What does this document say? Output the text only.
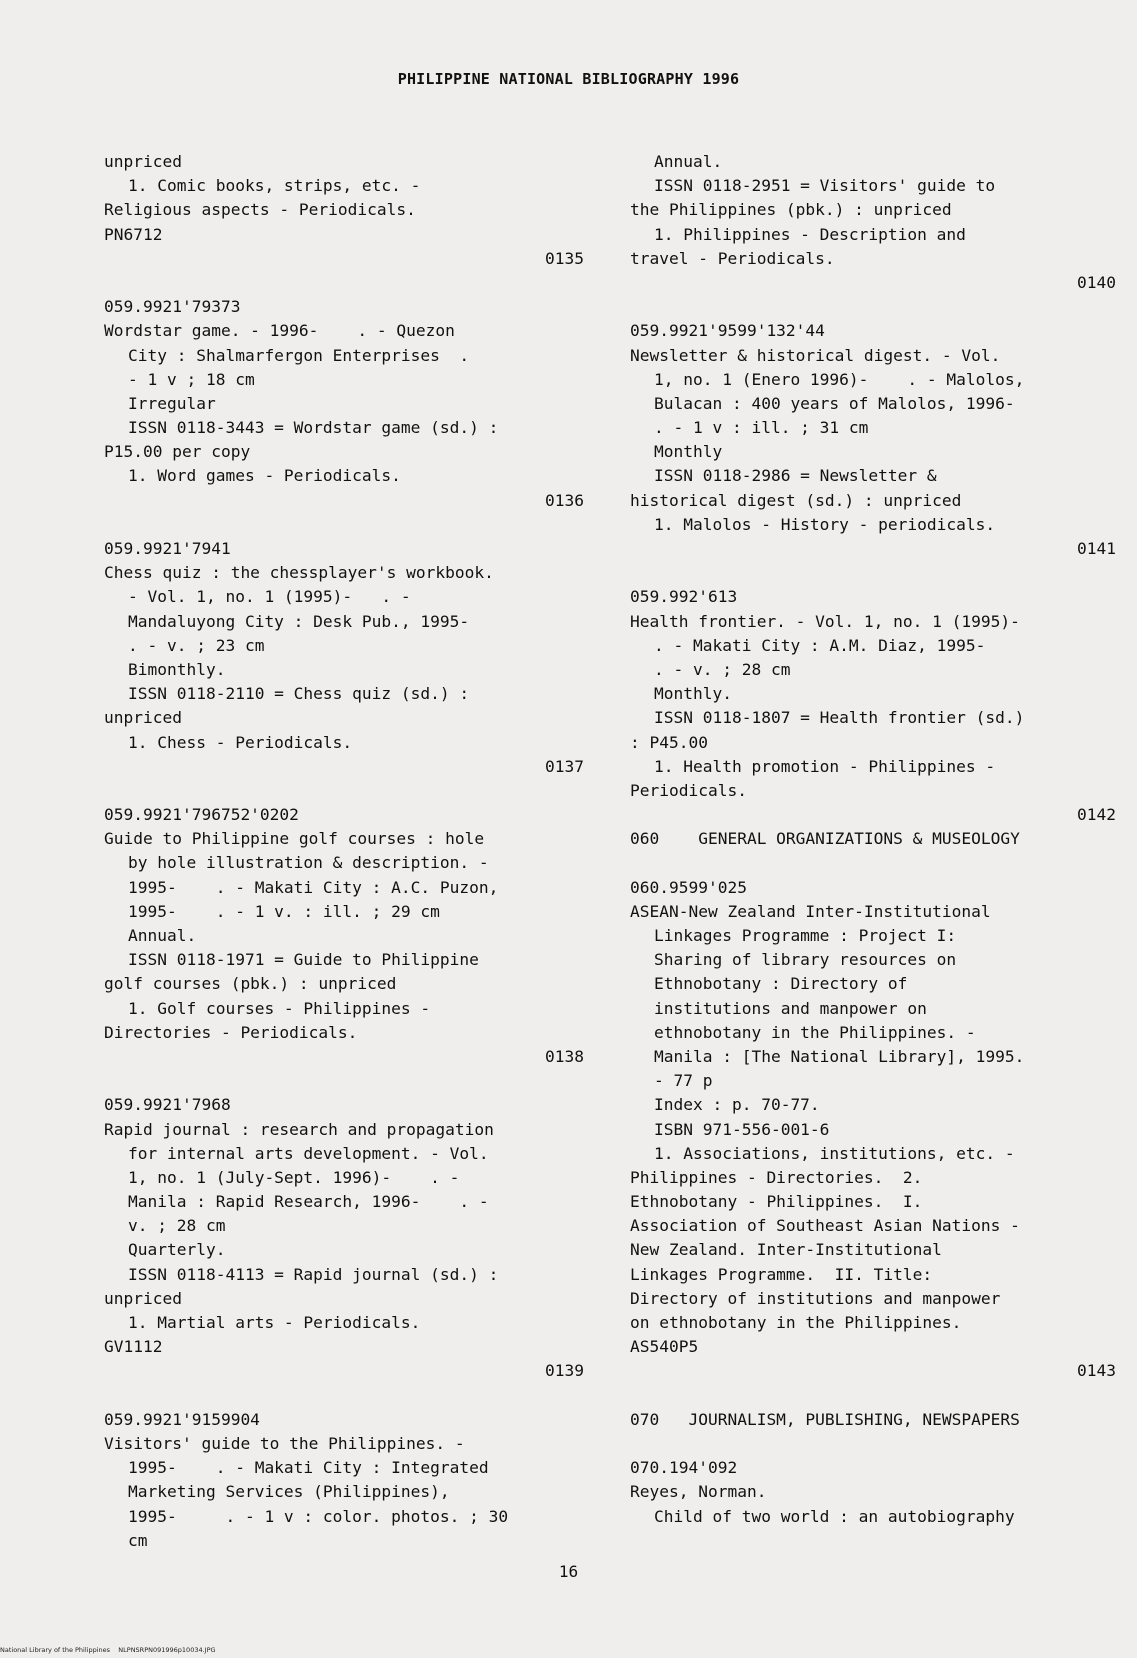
PHILIPPINE NATIONAL BIBLIOGRAPHY 1996
unpriced
1. Comic books, strips, etc. -
Religious aspects - Periodicals.
PN6712
0135
059.9921'79373
Wordstar game. - 1996-    . - Quezon
City : Shalmarfergon Enterprises  .
- 1 v ; 18 cm
Irregular
ISSN 0118-3443 = Wordstar game (sd.) :
P15.00 per copy
1. Word games - Periodicals.
0136
059.9921'7941
Chess quiz : the chessplayer's workbook.
- Vol. 1, no. 1 (1995)-   . -
Mandaluyong City : Desk Pub., 1995-
. - v. ; 23 cm
Bimonthly.
ISSN 0118-2110 = Chess quiz (sd.) :
unpriced
1. Chess - Periodicals.
0137
059.9921'796752'0202
Guide to Philippine golf courses : hole
by hole illustration & description. -
1995-    . - Makati City : A.C. Puzon,
1995-    . - 1 v. : ill. ; 29 cm
Annual.
ISSN 0118-1971 = Guide to Philippine
golf courses (pbk.) : unpriced
1. Golf courses - Philippines -
Directories - Periodicals.
0138
059.9921'7968
Rapid journal : research and propagation
for internal arts development. - Vol.
1, no. 1 (July-Sept. 1996)-    . -
Manila : Rapid Research, 1996-    . -
v. ; 28 cm
Quarterly.
ISSN 0118-4113 = Rapid journal (sd.) :
unpriced
1. Martial arts - Periodicals.
GV1112
0139
059.9921'9159904
Visitors' guide to the Philippines. -
1995-    . - Makati City : Integrated
Marketing Services (Philippines),
1995-     . - 1 v : color. photos. ; 30
cm
Annual.
ISSN 0118-2951 = Visitors' guide to
the Philippines (pbk.) : unpriced
1. Philippines - Description and
travel - Periodicals.
0140
059.9921'9599'132'44
Newsletter & historical digest. - Vol.
1, no. 1 (Enero 1996)-    . - Malolos,
Bulacan : 400 years of Malolos, 1996-
. - 1 v : ill. ; 31 cm
Monthly
ISSN 0118-2986 = Newsletter &
historical digest (sd.) : unpriced
1. Malolos - History - periodicals.
0141
059.992'613
Health frontier. - Vol. 1, no. 1 (1995)-
. - Makati City : A.M. Diaz, 1995-
. - v. ; 28 cm
Monthly.
ISSN 0118-1807 = Health frontier (sd.)
: P45.00
1. Health promotion - Philippines -
Periodicals.
0142
060    GENERAL ORGANIZATIONS & MUSEOLOGY
060.9599'025
ASEAN-New Zealand Inter-Institutional
Linkages Programme : Project I:
Sharing of library resources on
Ethnobotany : Directory of
institutions and manpower on
ethnobotany in the Philippines. -
Manila : [The National Library], 1995.
- 77 p
Index : p. 70-77.
ISBN 971-556-001-6
1. Associations, institutions, etc. -
Philippines - Directories.  2.
Ethnobotany - Philippines.  I.
Association of Southeast Asian Nations -
New Zealand. Inter-Institutional
Linkages Programme.  II. Title:
Directory of institutions and manpower
on ethnobotany in the Philippines.
AS540P5
0143
070   JOURNALISM, PUBLISHING, NEWSPAPERS
070.194'092
Reyes, Norman.
Child of two world : an autobiography
16
National Library of the Philippines    NLPNSRPN091996p10034.JPG
